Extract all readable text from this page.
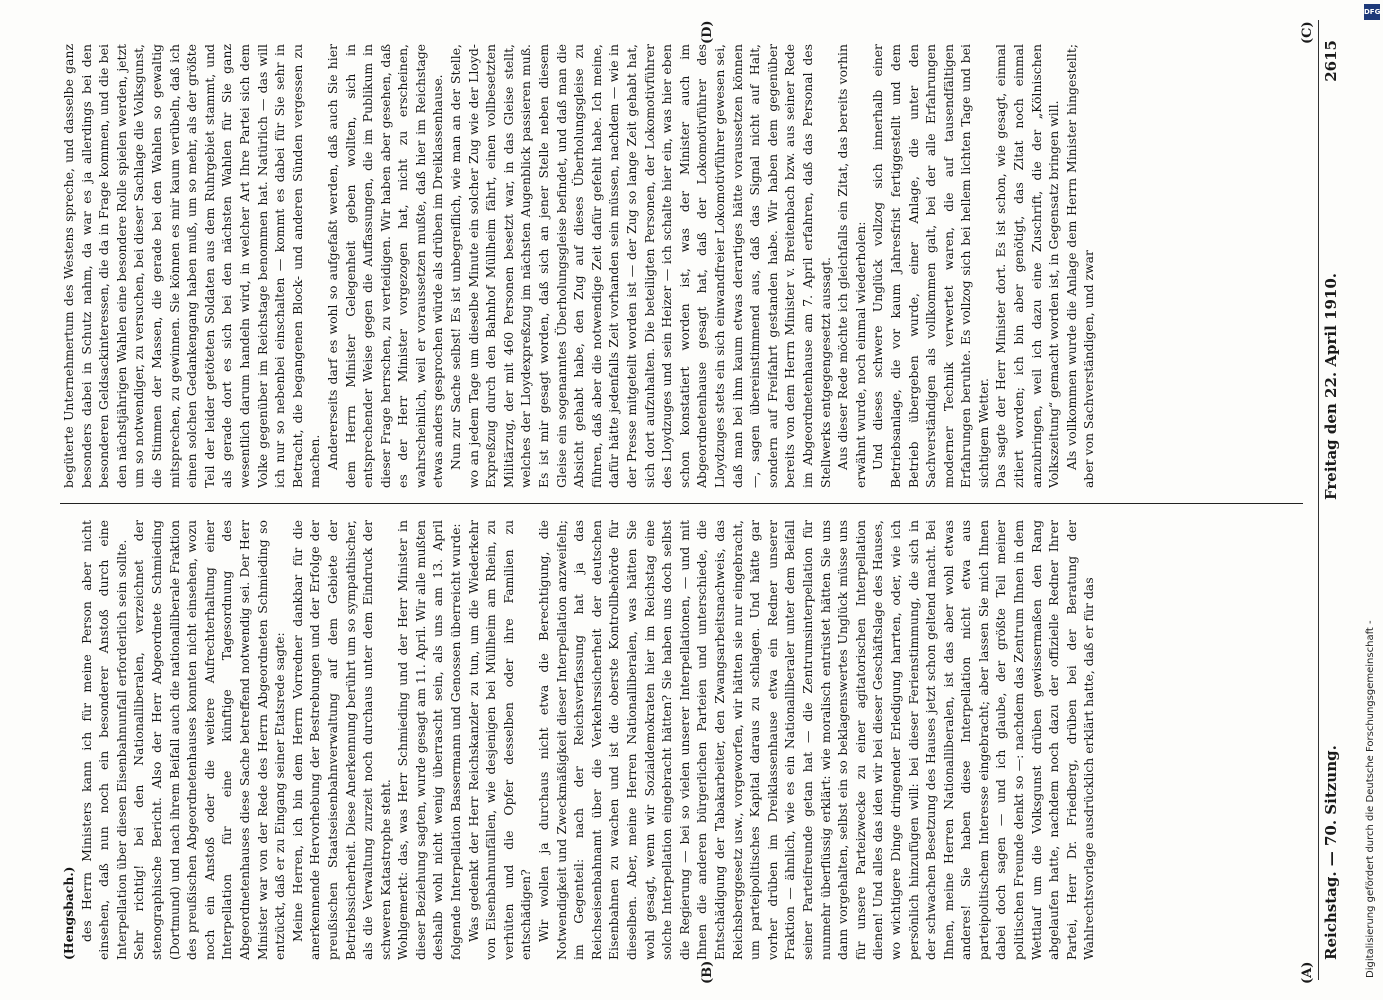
Reichstag. — 70. Sitzung.
Freitag den 22. April 1910.
2615
(A)
(B)
(C)
(D)

(Hengsbach.) des Herrn Ministers kann ich für meine Person aber nicht einsehen, daß nun noch ein besonderer Anstoß durch eine Interpellation über diesen Eisenbahnunfall erforderlich sein sollte. Sehr richtig! bei den Nationalliberalen, verzeichnet der stenographische Bericht. Also der Herr Abgeordnete Schmieding (Dortmund) und nach ihrem Beifall auch die nationalliberale Fraktion des preußischen Abgeordnetenhauses konnten nicht einsehen, wozu noch ein Anstoß oder die weitere Aufrechterhaltung einer Interpellation für eine künftige Tagesordnung des Abgeordnetenhauses diese Sache betreffend notwendig sei. Der Herr Minister war von der Rede des Herrn Abgeordneten Schmieding so entzückt, daß er zu Eingang seiner Etatsrede sagte: Meine Herren, ich bin dem Herrn Vorredner dankbar für die anerkennende Hervorhebung der Bestrebungen und der Erfolge der preußischen Staatseisenbahnverwaltung auf dem Gebiete der Betriebssicherheit. Diese Anerkennung berührt um so sympathischer, als die Verwaltung zurzeit noch durchaus unter dem Eindruck der schweren Katastrophe steht. Wohlgemerkt: das, was Herr Schmieding und der Herr Minister in dieser Beziehung sagten, wurde gesagt am 11. April. Wir alle mußten deshalb wohl nicht wenig überrascht sein, als uns am 13. April folgende Interpellation Bassermann und Genossen überreicht wurde: Was gedenkt der Herr Reichskanzler zu tun, um die Wiederkehr von Eisenbahnunfällen, wie desjenigen bei Müllheim am Rhein, zu verhüten und die Opfer desselben oder ihre Familien zu entschädigen? Wir wollen ja durchaus nicht etwa die Berechtigung, die Notwendigkeit und Zweckmäßigkeit dieser Interpellation anzweifeln; im Gegenteil: nach der Reichsverfassung hat ja das Reichseisenbahnamt über die Verkehrssicherheit der deutschen Eisenbahnen zu wachen und ist die oberste Kontrollbehörde für dieselben. Aber, meine Herren Nationalliberalen, was hätten Sie wohl gesagt, wenn wir Sozialdemokraten hier im Reichstag eine solche Interpellation eingebracht hätten? Sie haben uns doch selbst die Regierung — bei so vielen unserer Interpellationen, — und mit Ihnen die anderen bürgerlichen Parteien und unterschiede, die Entschädigung der Tabakarbeiter, den Zwangsarbeitsnachweis, das Reichsberggesetz usw., vorgeworfen, wir hätten sie nur eingebracht, um parteipolitisches Kapital daraus zu schlagen. Und hätte gar vorher drüben im Dreiklassenhause etwa ein Redner unserer Fraktion — ähnlich, wie es ein Nationalliberaler unter dem Beifall seiner Parteifreunde getan hat — die Zentrumsinterpellation für nunmehr überflüssig erklärt: wie moralisch entrüstet hätten Sie uns dann vorgehalten, selbst ein so beklagenswertes Unglück müsse uns für unsere Parteizwecke zu einer agitatorischen Interpellation dienen! Und alles das iden wir bei dieser Geschäftslage des Hauses, wo wichtigere Dinge dringender Erledigung harrten, oder, wie ich persönlich hinzufügen will: bei dieser Ferienstimmung, die sich in der schwachen Besetzung des Hauses jetzt schon geltend macht. Bei Ihnen, meine Herren Nationalliberalen, ist das aber wohl etwas anderes! Sie haben diese Interpellation nicht etwa aus parteipolitischem Interesse eingebracht; aber lassen Sie mich Ihnen dabei doch sagen — und ich glaube, der größte Teil meiner politischen Freunde denkt so —: nachdem das Zentrum Ihnen in dem Wettlauf um die Volksgunst drüben gewissermaßen den Rang abgelaufen hatte, nachdem noch dazu der offizielle Redner Ihrer Partei, Herr Dr. Friedberg, drüben bei der Beratung der Wahlrechtsvorlage ausdrücklich erklärt hatte, daß er für das

begüterte Unternehmertum des Westens spreche, und dasselbe ganz besonders dabei in Schutz nahm, da war es ja allerdings bei den besonderen Geldsackinteressen, die da in Frage kommen, und die bei den nächstjährigen Wahlen eine besondere Rolle spielen werden, jetzt um so notwendiger, zu versuchen, bei dieser Sachlage die Volksgunst, die Stimmen der Massen, die gerade bei den Wahlen so gewaltig mitsprechen, zu gewinnen. Sie können es mir kaum verübeln, daß ich einen solchen Gedankengang haben muß, um so mehr, als der größte Teil der leider getöteten Soldaten aus dem Ruhrgebiet stammt, und als gerade dort es sich bei den nächsten Wahlen für Sie ganz wesentlich darum handeln wird, in welcher Art Ihre Partei sich dem Volke gegenüber im Reichstage benommen hat. Natürlich — das will ich nur so nebenbei einschalten — kommt es dabei für Sie sehr in Betracht, die begangenen Block- und anderen Sünden vergessen zu machen. Andererseits darf es wohl so aufgefaßt werden, daß auch Sie hier dem Herrn Minister Gelegenheit geben wollten, sich in entsprechender Weise gegen die Auffassungen, die im Publikum in dieser Frage herrschen, zu verteidigen. Wir haben aber gesehen, daß es der Herr Minister vorgezogen hat, nicht zu erscheinen, wahrscheinlich, weil er voraussetzen mußte, daß hier im Reichstage etwas anders gesprochen würde als drüben im Dreiklassenhause. Nun zur Sache selbst! Es ist unbegreiflich, wie man an der Stelle, wo an jedem Tage um dieselbe Minute ein solcher Zug wie der Lloyd-Expreßzug durch den Bahnhof Müllheim fährt, einen vollbesetzten Militärzug, der mit 460 Personen besetzt war, in das Gleise stellt, welches der Lloydexpreßzug im nächsten Augenblick passieren muß. Es ist mir gesagt worden, daß sich an jener Stelle neben diesem Gleise ein sogenanntes Überholungsgleise befindet, und daß man die Absicht gehabt habe, den Zug auf dieses Überholungsgleise zu führen, daß aber die notwendige Zeit dafür gefehlt habe. Ich meine, dafür hätte jedenfalls Zeit vorhanden sein müssen, nachdem — wie in der Presse mitgeteilt worden ist — der Zug so lange Zeit gehabt hat, sich dort aufzuhalten. Die beteiligten Personen, der Lokomotivführer des Lloydzuges und sein Heizer — ich schalte hier ein, was hier eben schon konstatiert worden ist, was der Minister auch im Abgeordnetenhause gesagt hat, daß der Lokomotivführer des Lloydzuges stets ein sich einwandfreier Lokomotivführer gewesen sei, daß man bei ihm kaum etwas derartiges hätte voraussetzen können —, sagen übereinstimmend aus, daß das Signal nicht auf Halt, sondern auf Freifahrt gestanden habe. Wir haben dem gegenüber bereits von dem Herrn Minister v. Breitenbach bzw. aus seiner Rede im Abgeordnetenhause am 7. April erfahren, daß das Personal des Stellwerks entgegengesetzt aussagt. Aus dieser Rede möchte ich gleichfalls ein Zitat, das bereits vorhin erwähnt wurde, noch einmal wiederholen: Und dieses schwere Unglück vollzog sich innerhalb einer Betriebsanlage, die vor kaum Jahresfrist fertiggestellt und dem Betrieb übergeben wurde, einer Anlage, die unter den Sachverständigen als vollkommen galt, bei der alle Erfahrungen moderner Technik verwertet waren, die auf tausendfältigen Erfahrungen beruhte. Es vollzog sich bei hellem lichten Tage und bei sichtigem Wetter. Das sagte der Herr Minister dort. Es ist schon, wie gesagt, einmal zitiert worden; ich bin aber genötigt, das Zitat noch einmal anzubringen, weil ich dazu eine Zuschrift, die der „Kölnischen Volkszeitung“ gemacht worden ist, in Gegensatz bringen will. Als vollkommen wurde die Anlage dem Herrn Minister hingestellt; aber von Sachverständigen, und zwar

DFG
Digitalisierung gefördert durch die Deutsche Forschungsgemeinschaft -
